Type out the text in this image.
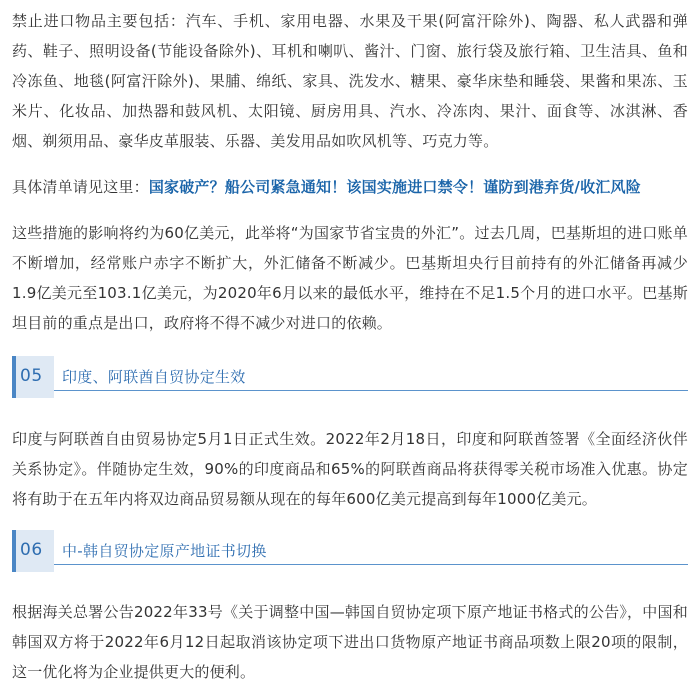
禁止进口物品主要包括：汽车、手机、家用电器、水果及干果(阿富汗除外)、陶器、私人武器和弹药、鞋子、照明设备(节能设备除外)、耳机和喇叭、酱汁、门窗、旅行袋及旅行箱、卫生洁具、鱼和冷冻鱼、地毯(阿富汗除外)、果脯、绵纸、家具、洗发水、糖果、豪华床垫和睡袋、果酱和果冻、玉米片、化妆品、加热器和鼓风机、太阳镜、厨房用具、汽水、冷冻肉、果汁、面食等、冰淇淋、香烟、剃须用品、豪华皮革服装、乐器、美发用品如吹风机等、巧克力等。

具体清单请见这里：国家破产？船公司紧急通知！该国实施进口禁令！谨防到港弃货/收汇风险

这些措施的影响将约为60亿美元，此举将“为国家节省宝贵的外汇”。过去几周，巴基斯坦的进口账单不断增加，经常账户赤字不断扩大，外汇储备不断减少。巴基斯坦央行目前持有的外汇储备再减少1.9亿美元至103.1亿美元，为2020年6月以来的最低水平，维持在不足1.5个月的进口水平。巴基斯坦目前的重点是出口，政府将不得不减少对进口的依赖。

05 印度、阿联酋自贸协定生效

印度与阿联酋自由贸易协定5月1日正式生效。2022年2月18日，印度和阿联酋签署《全面经济伙伴关系协定》。伴随协定生效，90%的印度商品和65%的阿联酋商品将获得零关税市场准入优惠。协定将有助于在五年内将双边商品贸易额从现在的每年600亿美元提高到每年1000亿美元。

06 中-韩自贸协定原产地证书切换

根据海关总署公告2022年33号《关于调整中国—韩国自贸协定项下原产地证书格式的公告》，中国和韩国双方将于2022年6月12日起取消该协定项下进出口货物原产地证书商品项数上限20项的限制，这一优化将为企业提供更大的便利。
